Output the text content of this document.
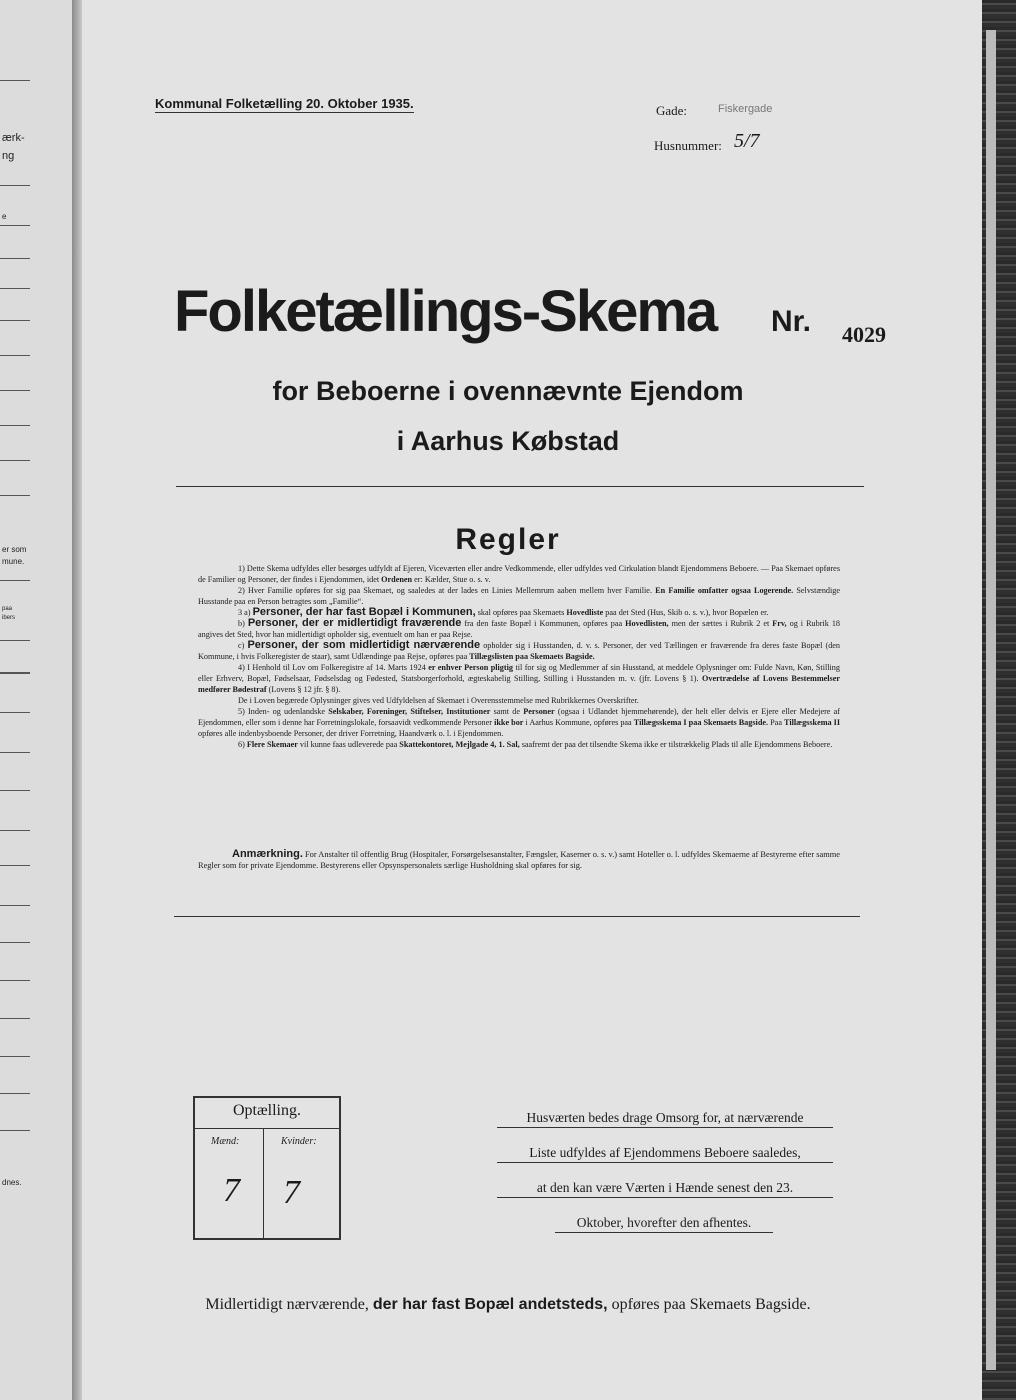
ærk-
ng
e
er som
mune.
paa
ibers
dnes.
Kommunal Folketælling 20. Oktober 1935.	Gade:	Fiskergade
Husnummer: 5/7
Folketællings-Skema Nr. 4029
for Beboerne i ovennævnte Ejendom
i Aarhus Købstad
Regler

1) Dette Skema udfyldes eller besørges udfyldt af Ejeren, Viceværten eller andre Vedkommende, eller udfyldes ved Cirkulation blandt Ejendommens Beboere. — Paa Skemaet opføres de Familier og Personer, der findes i Ejendommen, idet Ordenen er: Kælder, Stue o. s. v.

2) Hver Familie opføres for sig paa Skemaet, og saaledes at der lades en Linies Mellemrum aaben mellem hver Familie. En Familie omfatter ogsaa Logerende. Selvstændige Husstande paa en Person betragtes som „Familie“.

3 a) Personer, der har fast Bopæl i Kommunen, skal opføres paa Skemaets Hovedliste paa det Sted (Hus, Skib o. s. v.), hvor Bopælen er.

b) Personer, der er midlertidigt fraværende fra den faste Bopæl i Kommunen, opføres paa Hovedlisten, men der sættes i Rubrik 2 et Frv, og i Rubrik 18 angives det Sted, hvor han midlertidigt opholder sig, eventuelt om han er paa Rejse.

c) Personer, der som midlertidigt nærværende opholder sig i Husstanden, d. v. s. Personer, der ved Tællingen er fraværende fra deres faste Bopæl (den Kommune, i hvis Folkeregister de staar), samt Udlændinge paa Rejse, opføres paa Tillægslisten paa Skemaets Bagside.

4) I Henhold til Lov om Folkeregistre af 14. Marts 1924 er enhver Person pligtig til for sig og Medlemmer af sin Husstand, at meddele Oplysninger om: Fulde Navn, Køn, Stilling eller Erhverv, Bopæl, Fødselsaar, Fødselsdag og Fødested, Statsborgerforhold, ægteskabelig Stilling, Stilling i Husstanden m. v. (jfr. Lovens § 1). Overtrædelse af Lovens Bestemmelser medfører Bødestraf (Lovens § 12 jfr. § 8).

De i Loven begærede Oplysninger gives ved Udfyldelsen af Skemaet i Overensstemmelse med Rubrikkernes Overskrifter.

5) Inden- og udenlandske Selskaber, Foreninger, Stiftelser, Institutioner samt de Personer (ogsaa i Udlandet hjemmehørende), der helt eller delvis er Ejere eller Medejere af Ejendommen, eller som i denne har Forretningslokale, forsaavidt vedkommende Personer ikke bor i Aarhus Kommune, opføres paa Tillægsskema I paa Skemaets Bagside. Paa Tillægsskema II opføres alle indenbysboende Personer, der driver Forretning, Haandværk o. l. i Ejendommen.

6) Flere Skemaer vil kunne faas udleverede paa Skattekontoret, Mejlgade 4, 1. Sal, saafremt der paa det tilsendte Skema ikke er tilstrækkelig Plads til alle Ejendommens Beboere.

Anmærkning. For Anstalter til offentlig Brug (Hospitaler, Forsørgelsesanstalter, Fængsler, Kaserner o. s. v.) samt Hoteller o. l. udfyldes Skemaerne af Bestyrerne efter samme Regler som for private Ejendomme. Bestyrerens eller Opsynspersonalets særlige Husholdning skal opføres for sig.
Optælling.
Mænd:	Kvinder:
7 7
Husværten bedes drage Omsorg for, at nærværende
Liste udfyldes af Ejendommens Beboere saaledes,
at den kan være Værten i Hænde senest den 23.
Oktober, hvorefter den afhentes.
Midlertidigt nærværende, der har fast Bopæl andetsteds, opføres paa Skemaets Bagside.
